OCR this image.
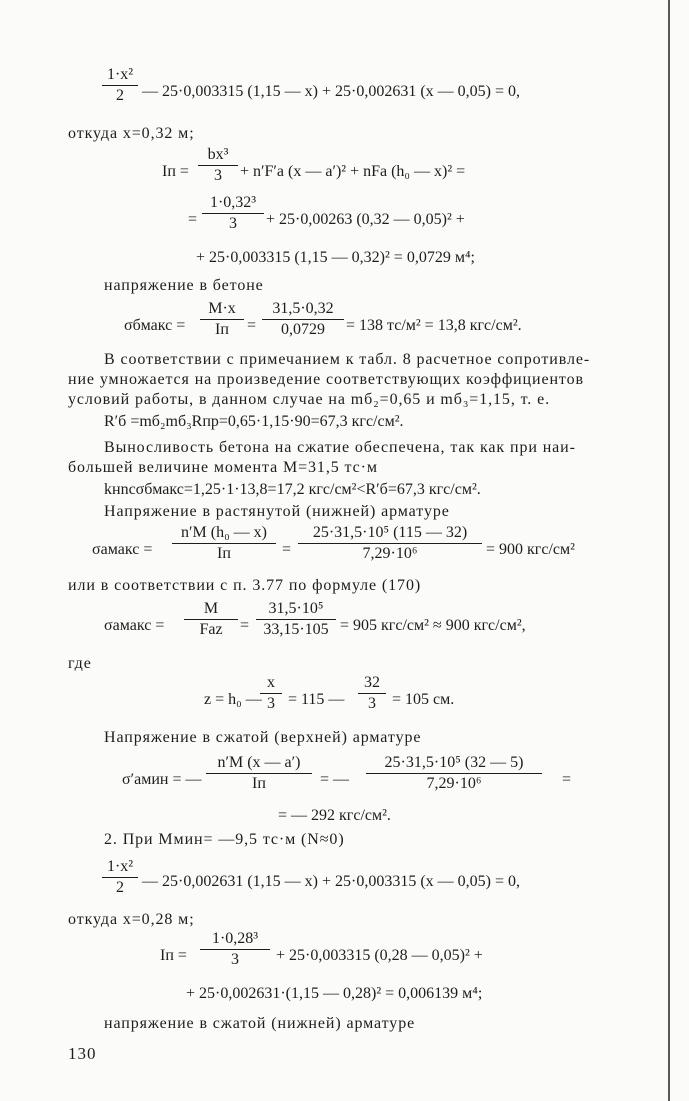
1·x²
2	— 25·0,003315 (1,15 — x) + 25·0,002631 (x — 0,05) = 0,
откуда x=0,32 м;
Iп =
bx³
3	+ n′F′а (x — a′)² + nFа (h₀ — x)² =
=
1·0,32³
3	+ 25·0,00263 (0,32 — 0,05)² +
+ 25·0,003315 (1,15 — 0,32)² = 0,0729 м⁴;
напряжение в бетоне
σбмакс =
M·x
Iп	=
31,5·0,32
0,0729	= 138 тс/м² = 13,8 кгс/см².
В соответствии с примечанием к табл. 8 расчетное сопротивле-
ние умножается на произведение соответствующих коэффициентов
условий работы, в данном случае на mб₂=0,65 и mб₃=1,15, т. е.
R′б =mб₂mб₃Rпр=0,65·1,15·90=67,3 кгс/см².
Выносливость бетона на сжатие обеспечена, так как при наи-
большей величине момента M=31,5 тс·м
kнnсσбмакс=1,25·1·13,8=17,2 кгс/см²<R′б=67,3 кгс/см².
Напряжение в растянутой (нижней) арматуре
σамакс =
n′M (h₀ — x)
Iп	=
25·31,5·10⁵ (115 — 32)
7,29·10⁶	= 900 кгс/см²
или в соответствии с п. 3.77 по формуле (170)
σамакс =
M
Fаz	=
31,5·10⁵
33,15·105 = 905 кгс/см² ≈ 900 кгс/см²,
где
z = h₀ —
x
3 = 115 —
32
3	= 105 см.
Напряжение в сжатой (верхней) арматуре
σ′амин = —
n′M (x — a′)
Iп	= —
25·31,5·10⁵ (32 — 5)
7,29·10⁶	=
= — 292 кгс/см².
2. При Mмин= —9,5 тс·м (N≈0)
1·x²
2	— 25·0,002631 (1,15 — x) + 25·0,003315 (x — 0,05) = 0,
откуда x=0,28 м;
Iп =
1·0,28³
3	+ 25·0,003315 (0,28 — 0,05)² +
+ 25·0,002631·(1,15 — 0,28)² = 0,006139 м⁴;
напряжение в сжатой (нижней) арматуре
130
